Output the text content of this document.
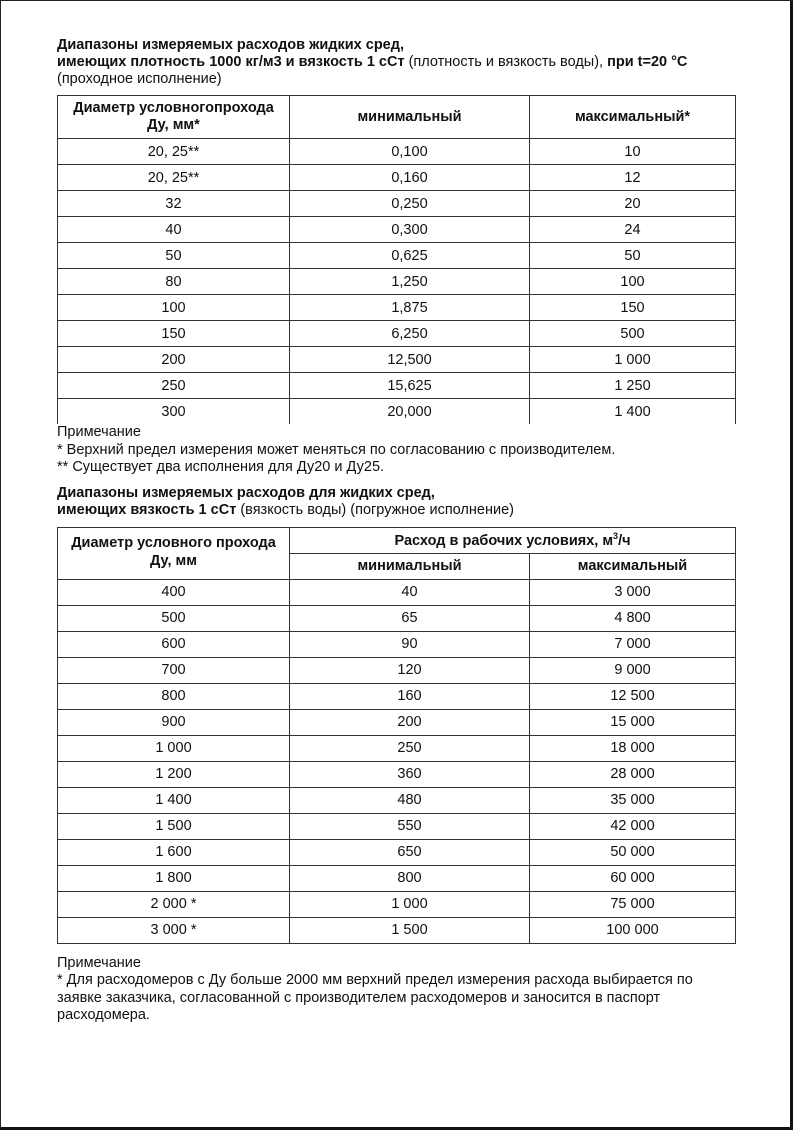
Диапазоны измеряемых расходов жидких сред,
имеющих плотность 1000 кг/м3 и вязкость 1 сСт (плотность и вязкость воды), при t=20 °С
(проходное исполнение)
Диаметр условногопрохода
Ду, мм*	минимальный	максимальный*
20, 25**	0,100	10
20, 25**	0,160	12
32	0,250	20
40	0,300	24
50	0,625	50
80	1,250	100
100	1,875	150
150	6,250	500
200	12,500	1 000
250	15,625	1 250
300	20,000	1 400
Примечание
* Верхний предел измерения может меняться по согласованию с производителем.
** Существует два исполнения для Ду20 и Ду25.
Диапазоны измеряемых расходов для жидких сред,
имеющих вязкость 1 сСт (вязкость воды) (погружное исполнение)
Диаметр условного прохода
Ду, мм	Расход в рабочих условиях, $м^3/ч$	
	минимальный	максимальный
400	40	3 000
500	65	4 800
600	90	7 000
700	120	9 000
800	160	12 500
900	200	15 000
1 000	250	18 000
1 200	360	28 000
1 400	480	35 000
1 500	550	42 000
1 600	650	50 000
1 800	800	60 000
2 000 *	1 000	75 000
3 000 *	1 500	100 000
Примечание
* Для расходомеров с Ду больше 2000 мм верхний предел измерения расхода выбирается по заявке заказчика, согласованной с производителем расходомеров и заносится в паспорт расходомера.
